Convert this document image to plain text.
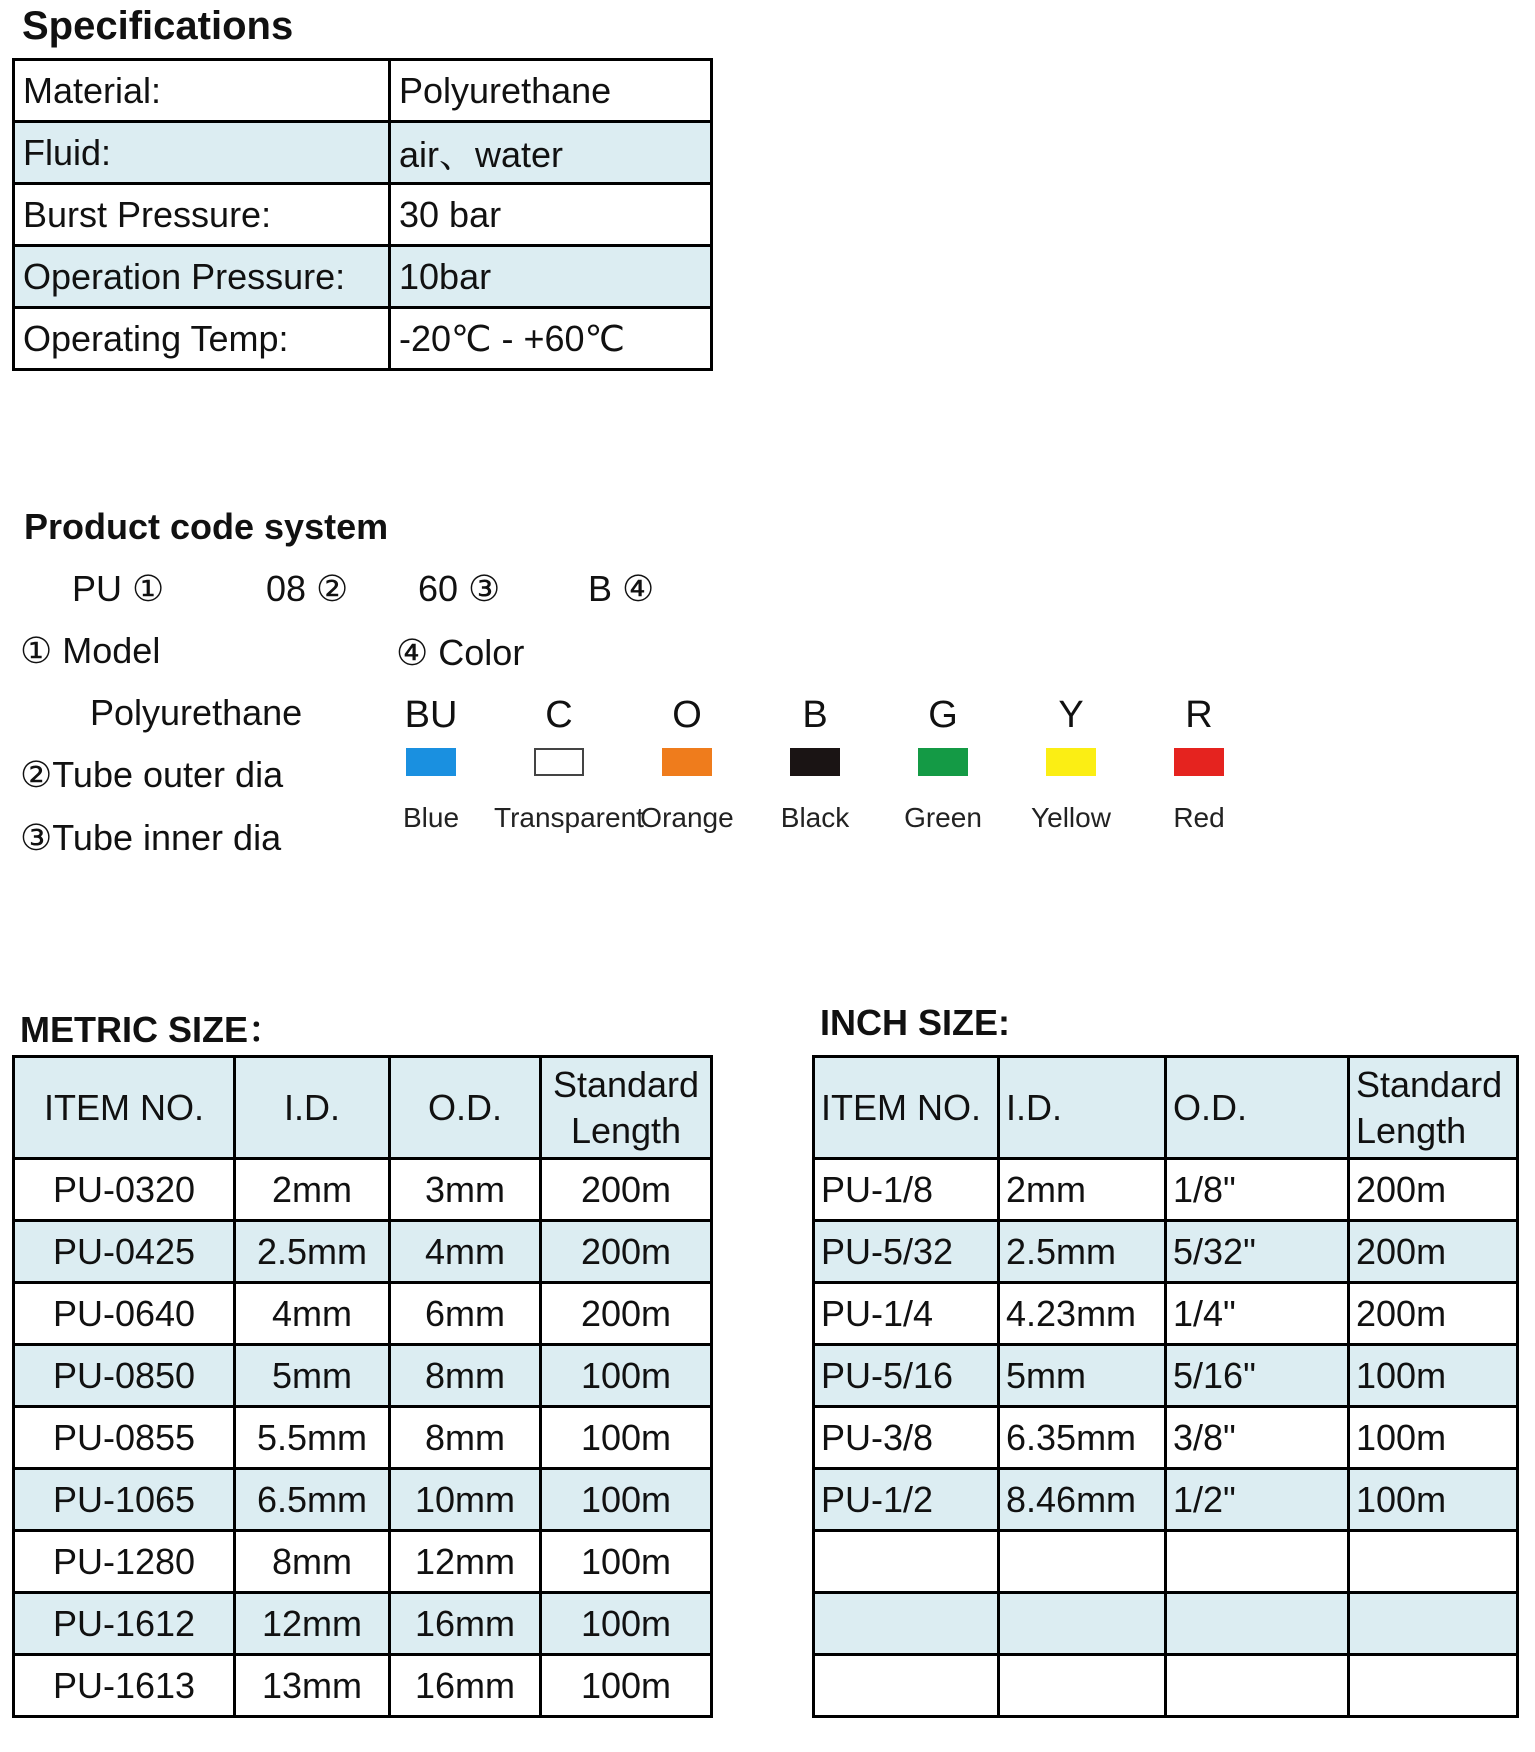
Specifications
Material:	Polyurethane
Fluid:	air、water
Burst Pressure:	30 bar
Operation Pressure:	10bar
Operating Temp:	-20℃ - +60℃
Product code system
PU ①	08 ② 60 ③ B ④
① Model
Polyurethane
②Tube outer dia
③Tube inner dia
④ Color
BU
Blue
C
Transparent
O
Orange
B
Black
G
Green
Y
Yellow
R
Red
METRIC SIZE：
ITEM NO.	I.D.	O.D.	Standard Length
PU-0320	2mm	3mm	200m
PU-0425	2.5mm	4mm	200m
PU-0640	4mm	6mm	200m
PU-0850	5mm	8mm	100m
PU-0855	5.5mm	8mm	100m
PU-1065	6.5mm	10mm	100m
PU-1280	8mm	12mm	100m
PU-1612	12mm	16mm	100m
PU-1613	13mm	16mm	100m
INCH SIZE:
ITEM NO.	I.D.	O.D.	Standard Length
PU-1/8	2mm	1/8"	200m
PU-5/32	2.5mm	5/32"	200m
PU-1/4	4.23mm	1/4"	200m
PU-5/16	5mm	5/16"	100m
PU-3/8	6.35mm	3/8"	100m
PU-1/2	8.46mm	1/2"	100m
